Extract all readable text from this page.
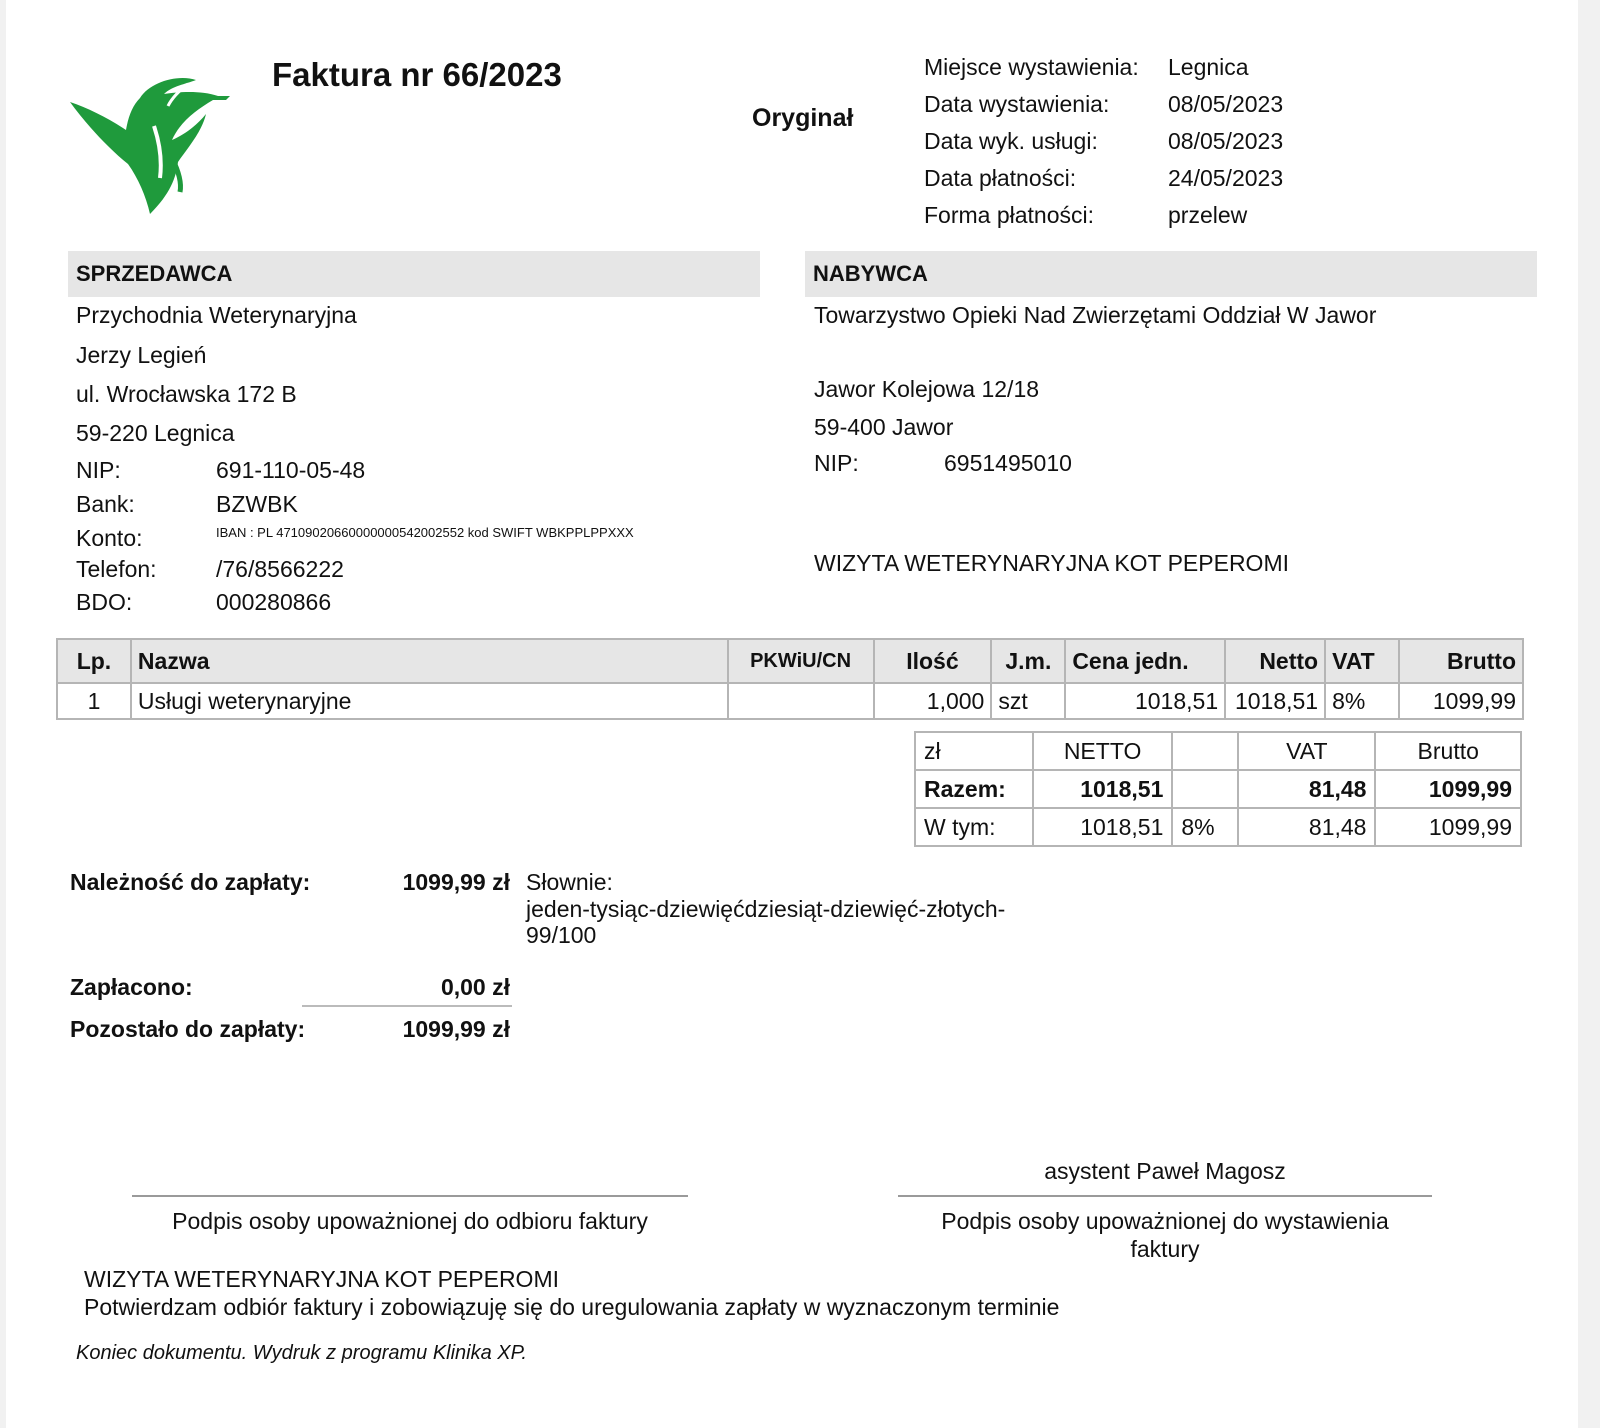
Faktura nr 66/2023
Oryginał
Miejsce wystawienia:	Legnica
Data wystawienia:	08/05/2023
Data wyk. usługi:	08/05/2023
Data płatności:	24/05/2023
Forma płatności:	przelew
SPRZEDAWCA
Przychodnia Weterynaryjna
Jerzy Legień
ul. Wrocławska 172 B
59-220 Legnica
NIP:	691-110-05-48
Bank:	BZWBK
Konto:	IBAN : PL 47109020660000000542002552 kod SWIFT WBKPPLPPXXX
Telefon:	/76/8566222
BDO:	000280866
NABYWCA
Towarzystwo Opieki Nad Zwierzętami Oddział W Jawor
Jawor Kolejowa 12/18
59-400 Jawor
NIP:	6951495010
WIZYTA WETERYNARYJNA KOT PEPEROMI
Lp.	Nazwa	PKWiU/CN	Ilość	J.m.	Cena jedn.	Netto	VAT	Brutto
1	Usługi weterynaryjne		1,000	szt	1018,51	1018,51	8%	1099,99
zł	NETTO		VAT	Brutto
Razem:	1018,51		81,48	1099,99
W tym:	1018,51	8%	81,48	1099,99
Należność do zapłaty:	1099,99 zł Słownie:
jeden-tysiąc-dziewięćdziesiąt-dziewięć-złotych-
99/100
Zapłacono:	0,00 zł
Pozostało do zapłaty:	1099,99 zł
asystent Paweł Magosz
Podpis osoby upoważnionej do odbioru faktury	Podpis osoby upoważnionej do wystawienia
faktury
WIZYTA WETERYNARYJNA KOT PEPEROMI
Potwierdzam odbiór faktury i zobowiązuję się do uregulowania zapłaty w wyznaczonym terminie
Koniec dokumentu. Wydruk z programu Klinika XP.
